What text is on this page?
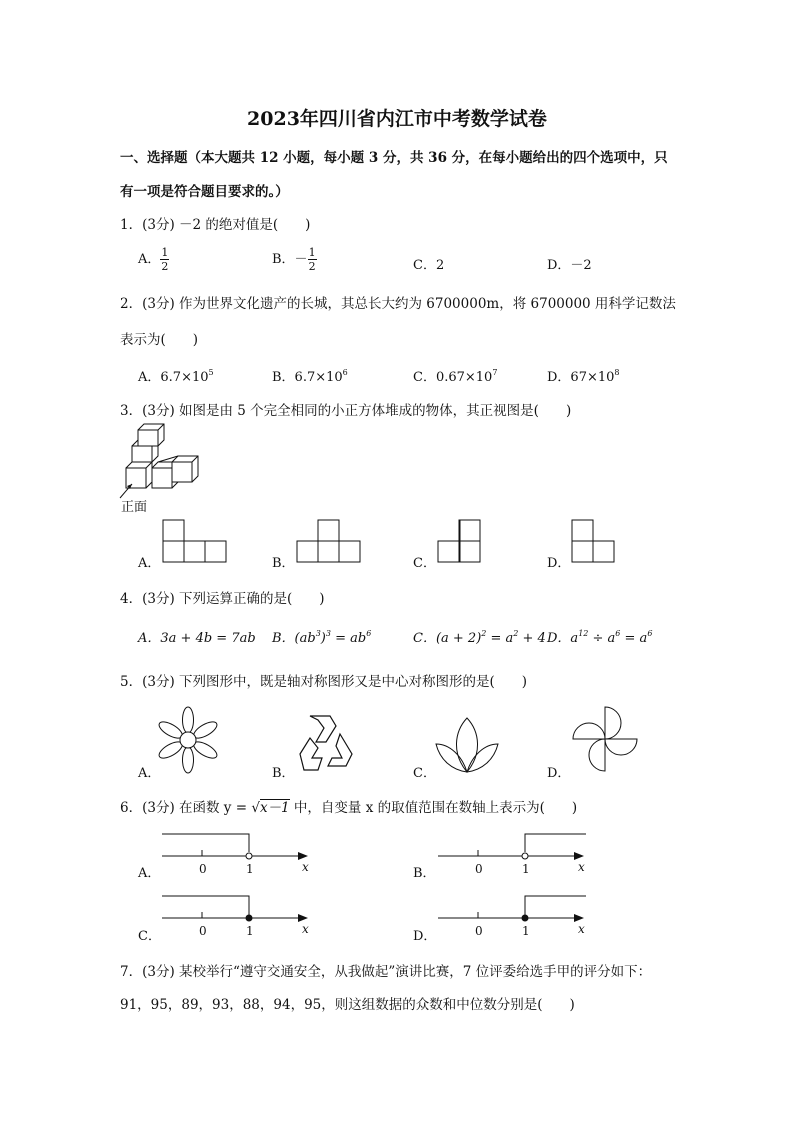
2023年四川省内江市中考数学试卷
一、选择题（本大题共 12 小题，每小题 3 分，共 36 分，在每小题给出的四个选项中，只
有一项是符合题目要求的。）
1．(3分) －2 的绝对值是(　　)
A． $\frac{1}{2}$	B．－ $\frac{1}{2}$	C．2	D．－2
2．(3分) 作为世界文化遗产的长城，其总长大约为 6700000m，将 6700000 用科学记数法
表示为(　　)
A．$6.7\times 10^5$	B．$6.7\times 10^6$	C．$0.67\times 10^7$	D．$67\times 10^8$
3．(3分) 如图是由 5 个完全相同的小正方体堆成的物体，其正视图是(　　)
正面
A．	B．	C．	D．
4．(3分) 下列运算正确的是(　　)
A．3a + 4b = 7ab B．$(ab^3)^3 = ab^6$	C．$(a + 2)^2 = a^2 + 4$ D．$a^{12} \div a^6 = a^6$
5．(3分) 下列图形中，既是轴对称图形又是中心对称图形的是(　　)
A．	B．	C．	D．
6．(3分) 在函数 y = √x－1 中，自变量 x 的取值范围在数轴上表示为(　　)
A．	0	1	x	B．	0	1	x
C．	0	1	x	D．	0	1	x
7．(3分) 某校举行“遵守交通安全，从我做起”演讲比赛，7 位评委给选手甲的评分如下：
91，95，89，93，88，94，95，则这组数据的众数和中位数分别是(　　)
